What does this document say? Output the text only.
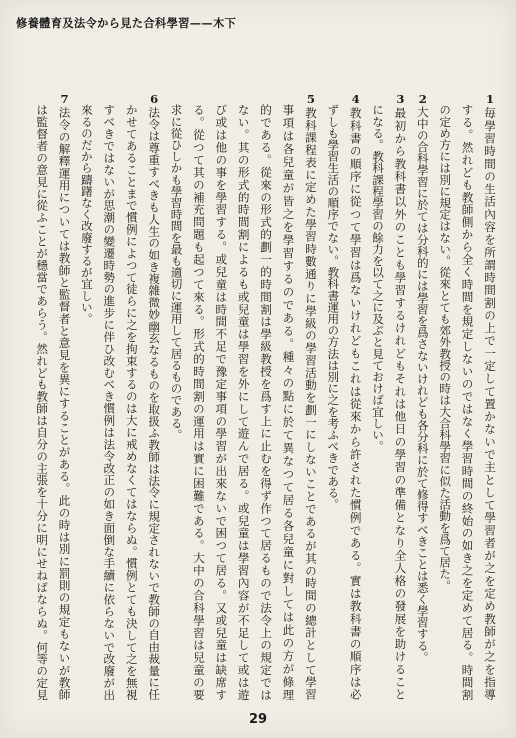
修養體育及法令から見た合科學習——木下
1毎學習時間の生活內容を所謂時間割の上で一定して置かないで主として學習者が之を定め教師が之を指導
する。然れども教師側から全く時間を規定しないのではなく學習時間の終始の如き之を定めて居る。時間割
の定め方には別に規定はない。從來とても郊外教授の時は大合科學習に似た活動を爲て居た。
2大中の合科學習に於ては分科的には學習を爲さないけれども各分科に於て修得すべきことは悉く學習する。
3最初から教科書以外のことも學習するけれどもそれは他日の學習の準備となり全人格の發展を助けること
になる。教科課程學習の餘力を以て之に及ぶと見ておけば宜しい。
4教科書の順序に從つて學習は爲ないけれどもこれは從來から許された慣例である。實は教科書の順序は必
ずしも學習生活の順序でない。教科書運用の方法は別に之を考ふべきである。
5教科課程表に定めた學習時數通りに學級の學習活動を劃一にしないことであるが其の時間の總計として學習
事項は各兒童が皆之を學習するのである。種々の點に於て異なつて居る各兒童に對しては此の方が條理
的である。從來の形式的劃一的時間割は學級教授を爲す上に止むを得ず作つて居るもので法令上の規定では
ない。其の形式的時間割によるも或兒童は學習を外にして遊んで居る。或兒童は學習內容が不足して或は遊
び或は他の事を學習する。或兒童は時間不足で豫定事項の學習が出來ないで困つて居る。又或兒童は缺席す
る。從つて其の補充問題も起つて來る。形式的時間割の運用は實に困難である。大中の合科學習は兒童の要
求に從ひしかも學習時間を最も適切に運用して居るものである。
6法令は尊重すべきも人生の如き複雜微妙幽玄なるものを取扱ふ教師は法令に規定されないで教師の自由裁量に任
かせてあることまで慣例によつて徒らに之を拘束するのは大に戒めなくてはならぬ。慣例とても決して之を無視
すべきではないが思潮の變遷時勢の進步に伴ひ改むべき慣例は法令改正の如き面倒な手續に依らないで改廢が出
來るのだから躊躇なく改廢するが宜しい。
7法令の解釋運用については教師と監督者と意見を異にすることがある。此の時は別に罰則の規定もないが教師
は監督者の意見に從ふことが穩當であらう。然れども教師は自分の主張を十分に明にせねばならぬ。何等の定見
29
